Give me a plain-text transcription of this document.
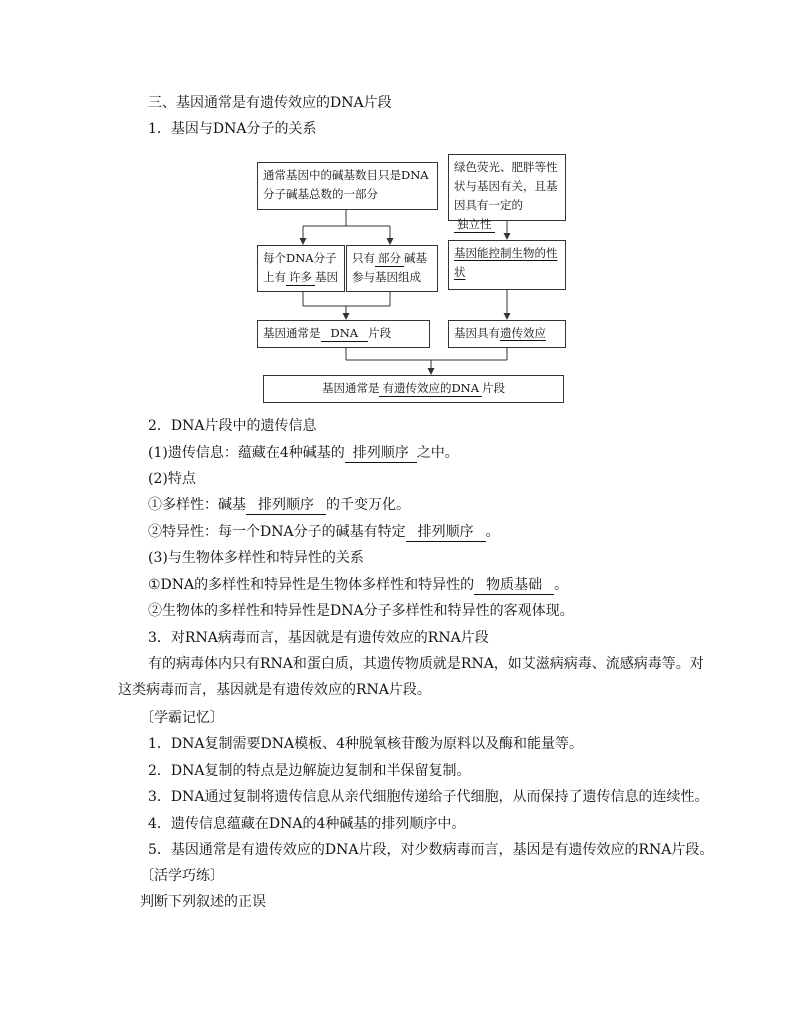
三、基因通常是有遗传效应的DNA片段
1．基因与DNA分子的关系
通常基因中的碱基数目只是DNA分子碱基总数的一部分
绿色荧光、肥胖等性状与基因有关，且基因具有一定的独立性
每个DNA分子上有 许多 基因
只有 部分 碱基参与基因组成
基因能控制生物的性状
基因通常是 DNA 片段	基因具有遗传效应
基因通常是 有遗传效应的DNA 片段
2．DNA片段中的遗传信息
(1)遗传信息：蕴藏在4种碱基的 排列顺序 之中。
(2)特点
①多样性：碱基 排列顺序 的千变万化。
②特异性：每一个DNA分子的碱基有特定 排列顺序 。
(3)与生物体多样性和特异性的关系
①DNA的多样性和特异性是生物体多样性和特异性的 物质基础 。
②生物体的多样性和特异性是DNA分子多样性和特异性的客观体现。
3．对RNA病毒而言，基因就是有遗传效应的RNA片段
有的病毒体内只有RNA和蛋白质，其遗传物质就是RNA，如艾滋病病毒、流感病毒等。对
这类病毒而言，基因就是有遗传效应的RNA片段。
〔学霸记忆〕
1．DNA复制需要DNA模板、4种脱氧核苷酸为原料以及酶和能量等。
2．DNA复制的特点是边解旋边复制和半保留复制。
3．DNA通过复制将遗传信息从亲代细胞传递给子代细胞，从而保持了遗传信息的连续性。
4．遗传信息蕴藏在DNA的4种碱基的排列顺序中。
5．基因通常是有遗传效应的DNA片段，对少数病毒而言，基因是有遗传效应的RNA片段。
〔活学巧练〕
判断下列叙述的正误
